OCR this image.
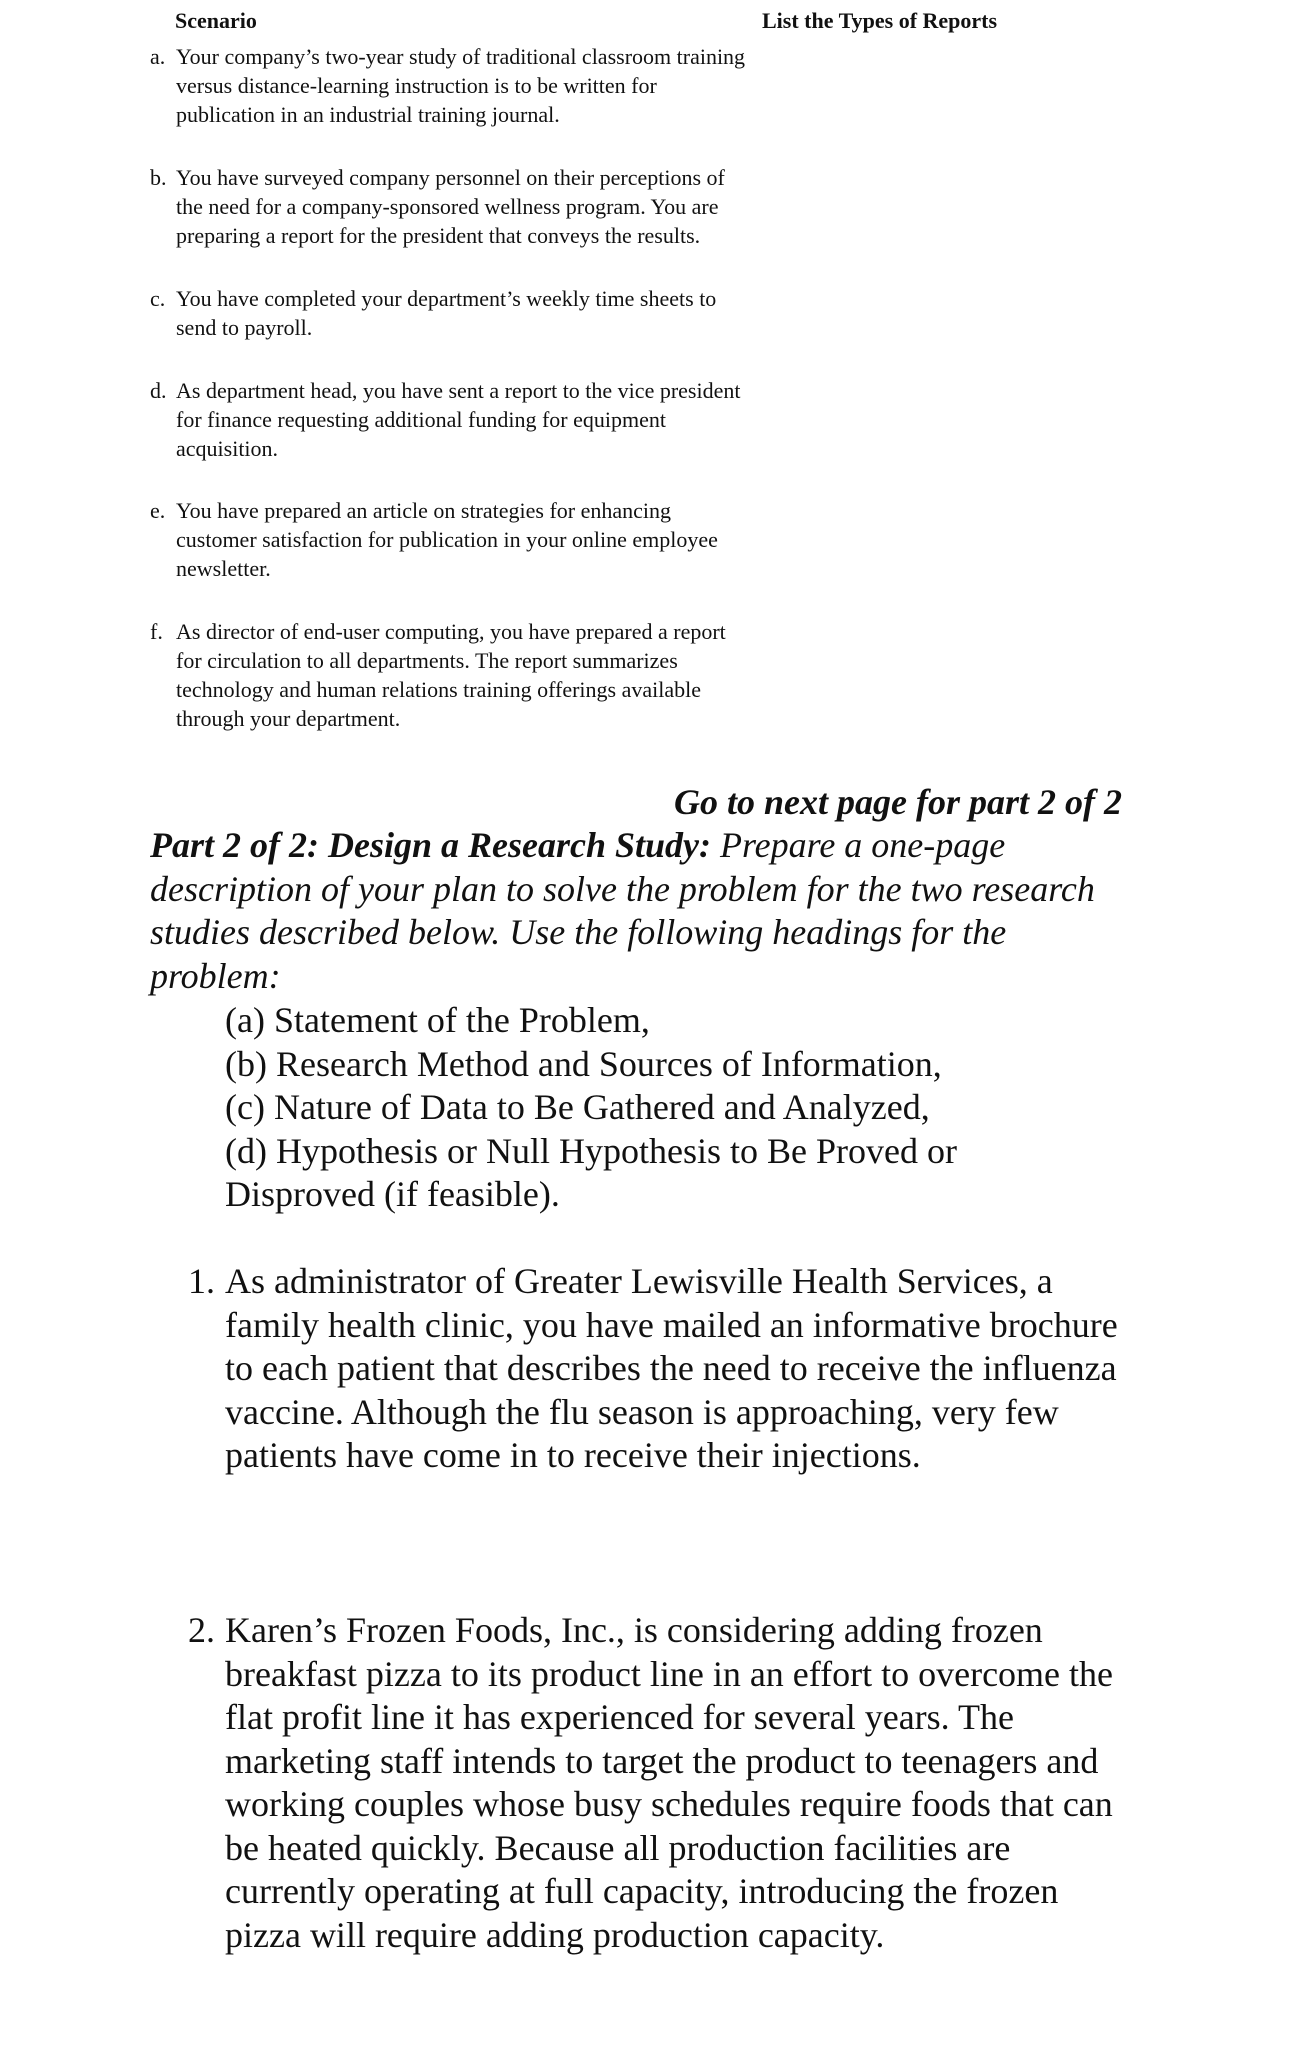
Scenario	List the Types of Reports
a. Your company’s two-year study of traditional classroom training versus distance-learning instruction is to be written for publication in an industrial training journal.
b. You have surveyed company personnel on their perceptions of the need for a company-sponsored wellness program. You are preparing a report for the president that conveys the results.
c. You have completed your department’s weekly time sheets to send to payroll.
d. As department head, you have sent a report to the vice president for finance requesting additional funding for equipment acquisition.
e. You have prepared an article on strategies for enhancing customer satisfaction for publication in your online employee newsletter.
f. As director of end-user computing, you have prepared a report for circulation to all departments. The report summarizes technology and human relations training offerings available through your department.
Go to next page for part 2 of 2
Part 2 of 2: Design a Research Study: Prepare a one-page description of your plan to solve the problem for the two research studies described below. Use the following headings for the problem:
(a) Statement of the Problem,
(b) Research Method and Sources of Information,
(c) Nature of Data to Be Gathered and Analyzed,
(d) Hypothesis or Null Hypothesis to Be Proved or Disproved (if feasible).
1. As administrator of Greater Lewisville Health Services, a family health clinic, you have mailed an informative brochure to each patient that describes the need to receive the influenza vaccine. Although the flu season is approaching, very few patients have come in to receive their injections.
2. Karen’s Frozen Foods, Inc., is considering adding frozen breakfast pizza to its product line in an effort to overcome the flat profit line it has experienced for several years. The marketing staff intends to target the product to teenagers and working couples whose busy schedules require foods that can be heated quickly. Because all production facilities are currently operating at full capacity, introducing the frozen pizza will require adding production capacity.
